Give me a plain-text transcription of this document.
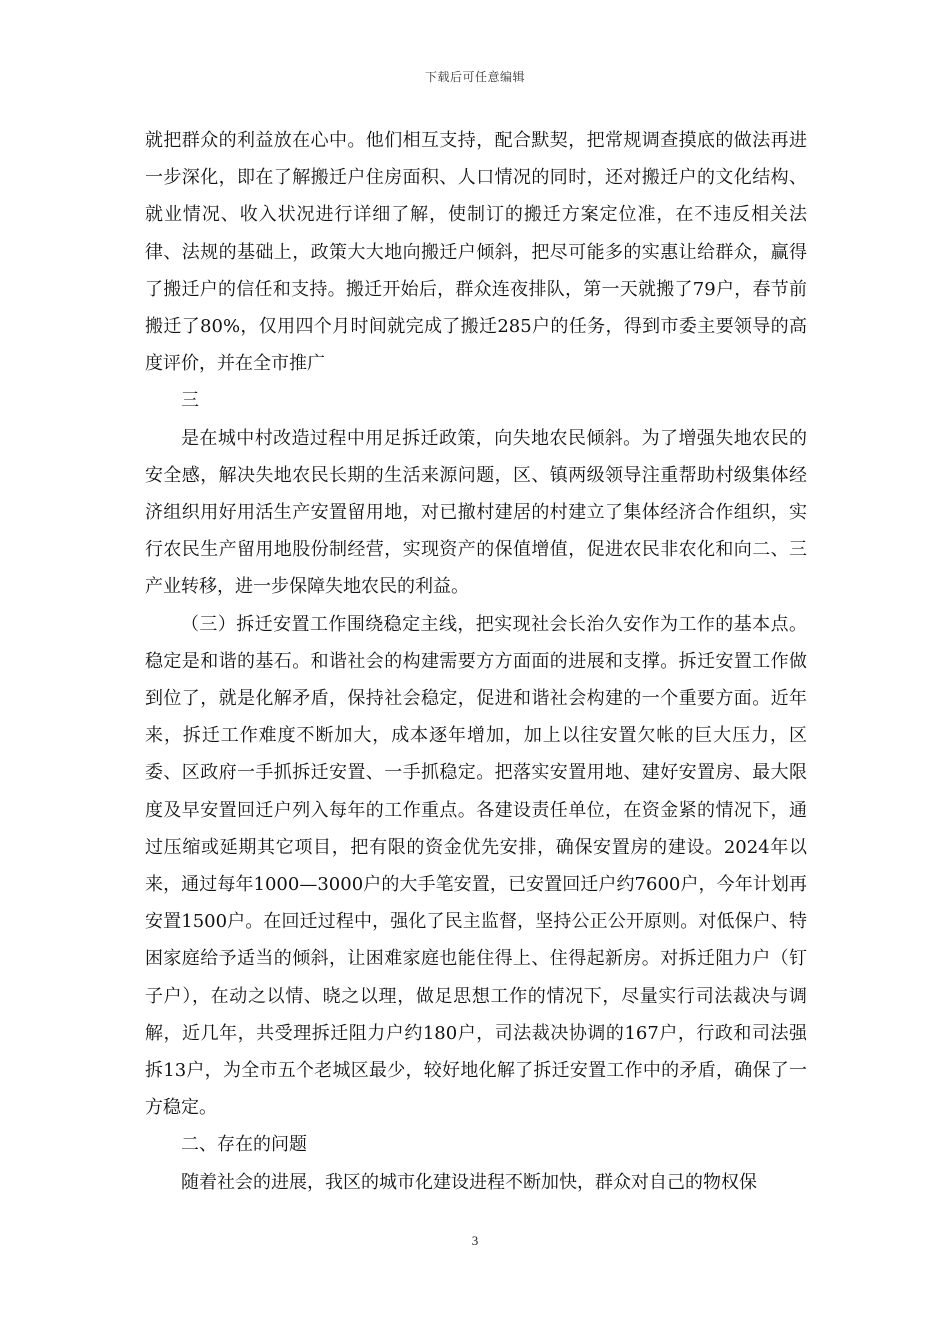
下载后可任意编辑

就把群众的利益放在心中。他们相互支持，配合默契，把常规调查摸底的做法再进一步深化，即在了解搬迁户住房面积、人口情况的同时，还对搬迁户的文化结构、就业情况、收入状况进行详细了解，使制订的搬迁方案定位准，在不违反相关法律、法规的基础上，政策大大地向搬迁户倾斜，把尽可能多的实惠让给群众，赢得了搬迁户的信任和支持。搬迁开始后，群众连夜排队，第一天就搬了79户，春节前搬迁了80%，仅用四个月时间就完成了搬迁285户的任务，得到市委主要领导的高度评价，并在全市推广

三

是在城中村改造过程中用足拆迁政策，向失地农民倾斜。为了增强失地农民的安全感，解决失地农民长期的生活来源问题，区、镇两级领导注重帮助村级集体经济组织用好用活生产安置留用地，对已撤村建居的村建立了集体经济合作组织，实行农民生产留用地股份制经营，实现资产的保值增值，促进农民非农化和向二、三产业转移，进一步保障失地农民的利益。

（三）拆迁安置工作围绕稳定主线，把实现社会长治久安作为工作的基本点。稳定是和谐的基石。和谐社会的构建需要方方面面的进展和支撑。拆迁安置工作做到位了，就是化解矛盾，保持社会稳定，促进和谐社会构建的一个重要方面。近年来，拆迁工作难度不断加大，成本逐年增加，加上以往安置欠帐的巨大压力，区委、区政府一手抓拆迁安置、一手抓稳定。把落实安置用地、建好安置房、最大限度及早安置回迁户列入每年的工作重点。各建设责任单位，在资金紧的情况下，通过压缩或延期其它项目，把有限的资金优先安排，确保安置房的建设。2024年以来，通过每年1000—3000户的大手笔安置，已安置回迁户约7600户，今年计划再安置1500户。在回迁过程中，强化了民主监督，坚持公正公开原则。对低保户、特困家庭给予适当的倾斜，让困难家庭也能住得上、住得起新房。对拆迁阻力户（钉子户），在动之以情、晓之以理，做足思想工作的情况下，尽量实行司法裁决与调解，近几年，共受理拆迁阻力户约180户，司法裁决协调的167户，行政和司法强拆13户，为全市五个老城区最少，较好地化解了拆迁安置工作中的矛盾，确保了一方稳定。

二、存在的问题

随着社会的进展，我区的城市化建设进程不断加快，群众对自己的物权保

3
